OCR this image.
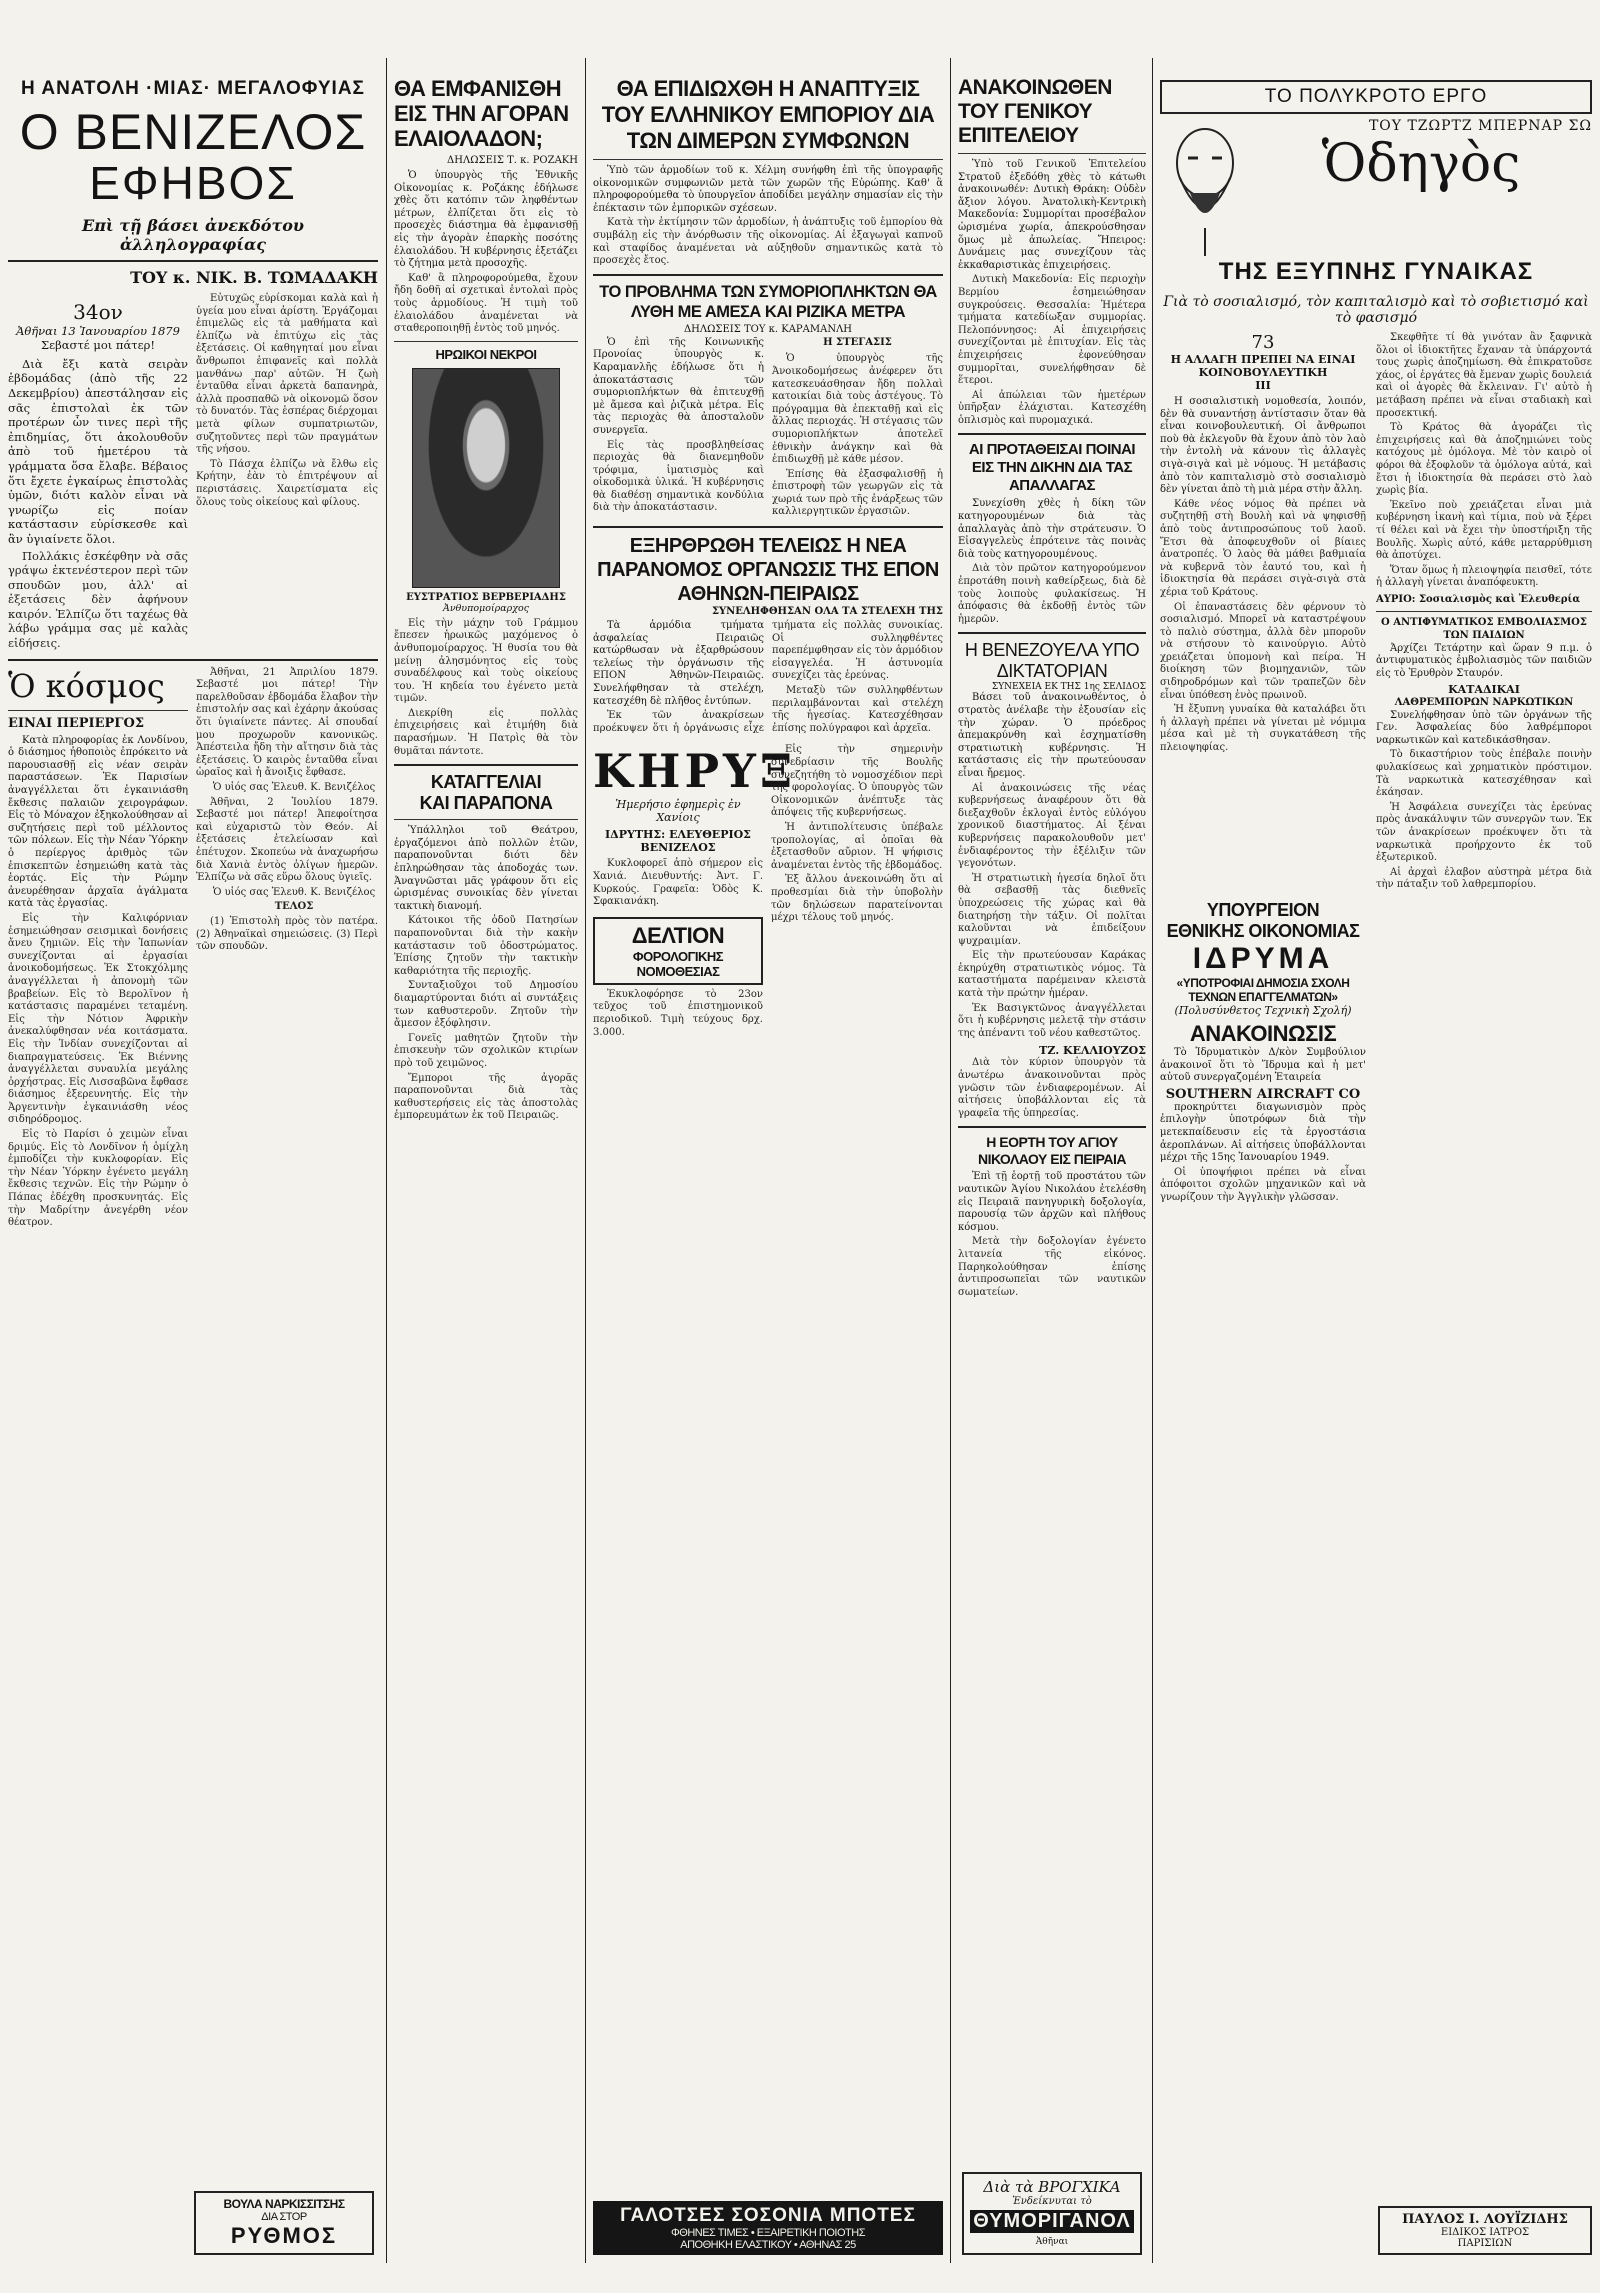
Η ΑΝΑΤΟΛΗ ·ΜΙΑΣ· ΜΕΓΑΛΟΦΥΙΑΣ
Ο ΒΕΝΙΖΕΛΟΣ
ΕΦΗΒΟΣ
Επὶ τῇ βάσει ἀνεκδότου ἀλληλογραφίας
ΤΟΥ κ. ΝΙΚ. Β. ΤΩΜΑΔΑΚΗ
34ον
Ἀθῆναι 13 Ἰανουαρίου 1879
Σεβαστέ μοι πάτερ!

Διὰ ἔξι κατὰ σειρὰν ἑβδομάδας (ἀπὸ τῆς 22 Δεκεμβρίου) ἀπεστάλησαν εἰς σᾶς ἐπιστολαὶ ἐκ τῶν προτέρων ὧν τινες περὶ τῆς ἐπιδημίας, ὅτι ἀκολουθοῦν ἀπὸ τοῦ ἡμετέρου τὰ γράμματα ὅσα ἔλαβε. Βέβαιος ὅτι ἔχετε ἐγκαίρως ἐπιστολὰς ὑμῶν, διότι καλὸν εἶναι νὰ γνωρίζω εἰς ποίαν κατάστασιν εὑρίσκεσθε καὶ ἂν ὑγιαίνετε ὅλοι.

Πολλάκις ἐσκέφθην νὰ σᾶς γράψω ἐκτενέστερον περὶ τῶν σπουδῶν μου, ἀλλ' αἱ ἐξετάσεις δὲν ἀφήνουν καιρόν. Ἐλπίζω ὅτι ταχέως θὰ λάβω γράμμα σας μὲ καλὰς εἰδήσεις.

Εὐτυχῶς εὑρίσκομαι καλὰ καὶ ἡ ὑγεία μου εἶναι ἀρίστη. Ἐργάζομαι ἐπιμελῶς εἰς τὰ μαθήματα καὶ ἐλπίζω νὰ ἐπιτύχω εἰς τὰς ἐξετάσεις. Οἱ καθηγηταί μου εἶναι ἄνθρωποι ἐπιφανεῖς καὶ πολλὰ μανθάνω παρ' αὐτῶν. Ἡ ζωὴ ἐνταῦθα εἶναι ἀρκετὰ δαπανηρὰ, ἀλλὰ προσπαθῶ νὰ οἰκονομῶ ὅσον τὸ δυνατόν. Τὰς ἑσπέρας διέρχομαι μετὰ φίλων συμπατριωτῶν, συζητοῦντες περὶ τῶν πραγμάτων τῆς νήσου.

Τὸ Πάσχα ἐλπίζω νὰ ἔλθω εἰς Κρήτην, ἐὰν τὸ ἐπιτρέψουν αἱ περιστάσεις. Χαιρετίσματα εἰς ὅλους τοὺς οἰκείους καὶ φίλους.

Ὁ κόσμος
ΕΙΝΑΙ ΠΕΡΙΕΡΓΟΣ

Κατὰ πληροφορίας ἐκ Λονδίνου, ὁ διάσημος ἠθοποιὸς ἐπρόκειτο νὰ παρουσιασθῇ εἰς νέαν σειρὰν παραστάσεων. Ἐκ Παρισίων ἀναγγέλλεται ὅτι ἐγκαινιάσθη ἔκθεσις παλαιῶν χειρογράφων. Εἰς τὸ Μόναχον ἐξηκολούθησαν αἱ συζητήσεις περὶ τοῦ μέλλοντος τῶν πόλεων. Εἰς τὴν Νέαν Ὑόρκην ὁ περίεργος ἀριθμὸς τῶν ἐπισκεπτῶν ἐσημειώθη κατὰ τὰς ἑορτάς. Εἰς τὴν Ρώμην ἀνευρέθησαν ἀρχαῖα ἀγάλματα κατὰ τὰς ἐργασίας.

Εἰς τὴν Καλιφόρνιαν ἐσημειώθησαν σεισμικαὶ δονήσεις ἄνευ ζημιῶν. Εἰς τὴν Ἰαπωνίαν συνεχίζονται αἱ ἐργασίαι ἀνοικοδομήσεως. Ἐκ Στοκχόλμης ἀναγγέλλεται ἡ ἀπονομὴ τῶν βραβείων. Εἰς τὸ Βερολῖνον ἡ κατάστασις παραμένει τεταμένη. Εἰς τὴν Νότιον Ἀφρικὴν ἀνεκαλύφθησαν νέα κοιτάσματα. Εἰς τὴν Ἰνδίαν συνεχίζονται αἱ διαπραγματεύσεις. Ἐκ Βιέννης ἀναγγέλλεται συναυλία μεγάλης ὀρχήστρας. Εἰς Λισσαβῶνα ἔφθασε διάσημος ἐξερευνητής. Εἰς τὴν Ἀργεντινὴν ἐγκαινιάσθη νέος σιδηρόδρομος.

Εἰς τὸ Παρίσι ὁ χειμὼν εἶναι δριμύς. Εἰς τὸ Λονδῖνον ἡ ὁμίχλη ἐμποδίζει τὴν κυκλοφορίαν. Εἰς τὴν Νέαν Ὑόρκην ἐγένετο μεγάλη ἔκθεσις τεχνῶν. Εἰς τὴν Ρώμην ὁ Πάπας ἐδέχθη προσκυνητάς. Εἰς τὴν Μαδρίτην ἀνεγέρθη νέον θέατρον.

Ἀθῆναι, 21 Ἀπριλίου 1879. Σεβαστέ μοι πάτερ! Τὴν παρελθοῦσαν ἑβδομάδα ἔλαβον τὴν ἐπιστολήν σας καὶ ἐχάρην ἀκούσας ὅτι ὑγιαίνετε πάντες. Αἱ σπουδαί μου προχωροῦν κανονικῶς. Ἀπέστειλα ἤδη τὴν αἴτησιν διὰ τὰς ἐξετάσεις. Ὁ καιρὸς ἐνταῦθα εἶναι ὡραῖος καὶ ἡ ἄνοιξις ἔφθασε.

Ὁ υἱός σας Ἐλευθ. Κ. Βενιζέλος

Ἀθῆναι, 2 Ἰουλίου 1879. Σεβαστέ μοι πάτερ! Ἀπεφοίτησα καὶ εὐχαριστῶ τὸν Θεόν. Αἱ ἐξετάσεις ἐτελείωσαν καὶ ἐπέτυχον. Σκοπεύω νὰ ἀναχωρήσω διὰ Χανιὰ ἐντὸς ὀλίγων ἡμερῶν. Ἐλπίζω νὰ σᾶς εὕρω ὅλους ὑγιεῖς.

Ὁ υἱός σας Ἐλευθ. Κ. Βενιζέλος

ΤΕΛΟΣ

(1) Ἐπιστολὴ πρὸς τὸν πατέρα. (2) Ἀθηναϊκαὶ σημειώσεις. (3) Περὶ τῶν σπουδῶν.

ΒΟΥΛΑ ΝΑΡΚΙΣΣΙΤΣΗΣ
ΔΙΑ ΣΤΟΡ
ΡΥΘΜΟΣ
ΘΑ ΕΜΦΑΝΙΣΘΗ ΕΙΣ ΤΗΝ ΑΓΟΡΑΝ ΕΛΑΙΟΛΑΔΟΝ;
ΔΗΛΩΣΕΙΣ Τ. κ. ΡΟΖΑΚΗ

Ὁ ὑπουργὸς τῆς Ἐθνικῆς Οἰκονομίας κ. Ροζάκης ἐδήλωσε χθὲς ὅτι κατόπιν τῶν ληφθέντων μέτρων, ἐλπίζεται ὅτι εἰς τὸ προσεχὲς διάστημα θὰ ἐμφανισθῇ εἰς τὴν ἀγορὰν ἐπαρκὴς ποσότης ἐλαιολάδου. Ἡ κυβέρνησις ἐξετάζει τὸ ζήτημα μετὰ προσοχῆς.

Καθ' ἃ πληροφορούμεθα, ἔχουν ἤδη δοθῆ αἱ σχετικαὶ ἐντολαὶ πρὸς τοὺς ἁρμοδίους. Ἡ τιμὴ τοῦ ἐλαιολάδου ἀναμένεται νὰ σταθεροποιηθῇ ἐντὸς τοῦ μηνός.

ΗΡΩΙΚΟΙ ΝΕΚΡΟΙ
ΕΥΣΤΡΑΤΙΟΣ ΒΕΡΒΕΡΙΑΔΗΣ
Ἀνθυπομοίραρχος

Εἰς τὴν μάχην τοῦ Γράμμου ἔπεσεν ἡρωικῶς μαχόμενος ὁ ἀνθυπομοίραρχος. Ἡ θυσία του θὰ μείνῃ ἀλησμόνητος εἰς τοὺς συναδέλφους καὶ τοὺς οἰκείους του. Ἡ κηδεία του ἐγένετο μετὰ τιμῶν.

Διεκρίθη εἰς πολλὰς ἐπιχειρήσεις καὶ ἐτιμήθη διὰ παρασήμων. Ἡ Πατρὶς θὰ τὸν θυμᾶται πάντοτε.

ΚΑΤΑΓΓΕΛΙΑΙ
ΚΑΙ ΠΑΡΑΠΟΝΑ

Ὑπάλληλοι τοῦ Θεάτρου, ἐργαζόμενοι ἀπὸ πολλῶν ἐτῶν, παραπονοῦνται διότι δὲν ἐπληρώθησαν τὰς ἀποδοχάς των. Ἀναγνῶσται μᾶς γράφουν ὅτι εἰς ὡρισμένας συνοικίας δὲν γίνεται τακτικὴ διανομή.

Κάτοικοι τῆς ὁδοῦ Πατησίων παραπονοῦνται διὰ τὴν κακὴν κατάστασιν τοῦ ὁδοστρώματος. Ἐπίσης ζητοῦν τὴν τακτικὴν καθαριότητα τῆς περιοχῆς.

Συνταξιοῦχοι τοῦ Δημοσίου διαμαρτύρονται διότι αἱ συντάξεις των καθυστεροῦν. Ζητοῦν τὴν ἄμεσον ἐξόφλησιν.

Γονεῖς μαθητῶν ζητοῦν τὴν ἐπισκευὴν τῶν σχολικῶν κτιρίων πρὸ τοῦ χειμῶνος.

Ἔμποροι τῆς ἀγορᾶς παραπονοῦνται διὰ τὰς καθυστερήσεις εἰς τὰς ἀποστολὰς ἐμπορευμάτων ἐκ τοῦ Πειραιῶς.

ΘΑ ΕΠΙΔΙΩΧΘΗ Η ΑΝΑΠΤΥΞΙΣ ΤΟΥ ΕΛΛΗΝΙΚΟΥ ΕΜΠΟΡΙΟΥ ΔΙΑ ΤΩΝ ΔΙΜΕΡΩΝ ΣΥΜΦΩΝΩΝ

Ὑπὸ τῶν ἁρμοδίων τοῦ κ. Χέλμη συνήφθη ἐπὶ τῆς ὑπογραφῆς οἰκονομικῶν συμφωνιῶν μετὰ τῶν χωρῶν τῆς Εὐρώπης. Καθ' ἃ πληροφορούμεθα τὸ ὑπουργεῖον ἀποδίδει μεγάλην σημασίαν εἰς τὴν ἐπέκτασιν τῶν ἐμπορικῶν σχέσεων.

Κατὰ τὴν ἐκτίμησιν τῶν ἁρμοδίων, ἡ ἀνάπτυξις τοῦ ἐμπορίου θὰ συμβάλῃ εἰς τὴν ἀνόρθωσιν τῆς οἰκονομίας. Αἱ ἐξαγωγαὶ καπνοῦ καὶ σταφίδος ἀναμένεται νὰ αὐξηθοῦν σημαντικῶς κατὰ τὸ προσεχὲς ἔτος.

ΤΟ ΠΡΟΒΛΗΜΑ ΤΩΝ ΣΥΜΟΡΙΟΠΛΗΚΤΩΝ ΘΑ ΛΥΘΗ ΜΕ ΑΜΕΣΑ ΚΑΙ ΡΙΖΙΚΑ ΜΕΤΡΑ
ΔΗΛΩΣΕΙΣ ΤΟΥ κ. ΚΑΡΑΜΑΝΛΗ

Ὁ ἐπὶ τῆς Κοινωνικῆς Προνοίας ὑπουργὸς κ. Καραμανλῆς ἐδήλωσε ὅτι ἡ ἀποκατάστασις τῶν συμοριοπλήκτων θὰ ἐπιτευχθῇ μὲ ἄμεσα καὶ ῥιζικὰ μέτρα. Εἰς τὰς περιοχὰς θὰ ἀποσταλοῦν συνεργεῖα.

Εἰς τὰς προσβληθείσας περιοχὰς θὰ διανεμηθοῦν τρόφιμα, ἱματισμὸς καὶ οἰκοδομικὰ ὑλικά. Ἡ κυβέρνησις θὰ διαθέσῃ σημαντικὰ κονδύλια διὰ τὴν ἀποκατάστασιν.

Η ΣΤΕΓΑΣΙΣ

Ὁ ὑπουργὸς τῆς Ἀνοικοδομήσεως ἀνέφερεν ὅτι κατεσκευάσθησαν ἤδη πολλαὶ κατοικίαι διὰ τοὺς ἀστέγους. Τὸ πρόγραμμα θὰ ἐπεκταθῇ καὶ εἰς ἄλλας περιοχάς. Ἡ στέγασις τῶν συμοριοπλήκτων ἀποτελεῖ ἐθνικὴν ἀνάγκην καὶ θὰ ἐπιδιωχθῇ μὲ κάθε μέσον.

Ἐπίσης θὰ ἐξασφαλισθῇ ἡ ἐπιστροφὴ τῶν γεωργῶν εἰς τὰ χωριά των πρὸ τῆς ἐνάρξεως τῶν καλλιεργητικῶν ἐργασιῶν.

ΕΞΗΡΘΡΩΘΗ ΤΕΛΕΙΩΣ Η ΝΕΑ ΠΑΡΑΝΟΜΟΣ ΟΡΓΑΝΩΣΙΣ ΤΗΣ ΕΠΟΝ ΑΘΗΝΩΝ-ΠΕΙΡΑΙΩΣ
ΣΥΝΕΛΗΦΘΗΣΑΝ ΟΛΑ ΤΑ ΣΤΕΛΕΧΗ ΤΗΣ

Τὰ ἁρμόδια τμήματα ἀσφαλείας Πειραιῶς κατώρθωσαν νὰ ἐξαρθρώσουν τελείως τὴν ὀργάνωσιν τῆς ΕΠΟΝ Ἀθηνῶν-Πειραιῶς. Συνελήφθησαν τὰ στελέχη, κατεσχέθη δὲ πλῆθος ἐντύπων.

Ἐκ τῶν ἀνακρίσεων προέκυψεν ὅτι ἡ ὀργάνωσις εἶχε τμήματα εἰς πολλὰς συνοικίας. Οἱ συλληφθέντες παρεπέμφθησαν εἰς τὸν ἁρμόδιον εἰσαγγελέα. Ἡ ἀστυνομία συνεχίζει τὰς ἐρεύνας.

Μεταξὺ τῶν συλληφθέντων περιλαμβάνονται καὶ στελέχη τῆς ἡγεσίας. Κατεσχέθησαν ἐπίσης πολύγραφοι καὶ ἀρχεῖα.

ΚΗΡΥΞ
Ἡμερήσιο ἐφημερὶς ἐν Χανίοις
ΙΔΡΥΤΗΣ: ΕΛΕΥΘΕΡΙΟΣ ΒΕΝΙΖΕΛΟΣ

Κυκλοφορεῖ ἀπὸ σήμερον εἰς Χανιά. Διευθυντής: Ἀντ. Γ. Κυρκούς. Γραφεῖα: Ὁδὸς Κ. Σφακιανάκη.

ΔΕΛΤΙΟΝ
ΦΟΡΟΛΟΓΙΚΗΣ ΝΟΜΟΘΕΣΙΑΣ

Ἐκυκλοφόρησε τὸ 23ον τεῦχος τοῦ ἐπιστημονικοῦ περιοδικοῦ. Τιμὴ τεύχους δρχ. 3.000.

Εἰς τὴν σημερινὴν συνεδρίασιν τῆς Βουλῆς συνεζητήθη τὸ νομοσχέδιον περὶ τῆς φορολογίας. Ὁ ὑπουργὸς τῶν Οἰκονομικῶν ἀνέπτυξε τὰς ἀπόψεις τῆς κυβερνήσεως.

Ἡ ἀντιπολίτευσις ὑπέβαλε τροπολογίας, αἱ ὁποῖαι θὰ ἐξετασθοῦν αὔριον. Ἡ ψήφισις ἀναμένεται ἐντὸς τῆς ἑβδομάδος.

Ἐξ ἄλλου ἀνεκοινώθη ὅτι αἱ προθεσμίαι διὰ τὴν ὑποβολὴν τῶν δηλώσεων παρατείνονται μέχρι τέλους τοῦ μηνός.

ΓΑΛΟΤΣΕΣ ΣΟΣΟΝΙΑ ΜΠΟΤΕΣ
ΦΘΗΝΕΣ ΤΙΜΕΣ • ΕΞΑΙΡΕΤΙΚΗ ΠΟΙΟΤΗΣ
ΑΠΟΘΗΚΗ ΕΛΑΣΤΙΚΟΥ • ΑΘΗΝΑΣ 25
ΑΝΑΚΟΙΝΩΘΕΝ ΤΟΥ ΓΕΝΙΚΟΥ ΕΠΙΤΕΛΕΙΟΥ

Ὑπὸ τοῦ Γενικοῦ Ἐπιτελείου Στρατοῦ ἐξεδόθη χθὲς τὸ κάτωθι ἀνακοινωθέν: Δυτικὴ Θράκη: Οὐδὲν ἄξιον λόγου. Ἀνατολικὴ-Κεντρικὴ Μακεδονία: Συμμορίται προσέβαλον ὡρισμένα χωρία, ἀπεκρούσθησαν ὅμως μὲ ἀπωλείας. Ἤπειρος: Δυνάμεις μας συνεχίζουν τὰς ἐκκαθαριστικὰς ἐπιχειρήσεις.

Δυτικὴ Μακεδονία: Εἰς περιοχὴν Βερμίου ἐσημειώθησαν συγκρούσεις. Θεσσαλία: Ἡμέτερα τμήματα κατεδίωξαν συμμορίας. Πελοπόννησος: Αἱ ἐπιχειρήσεις συνεχίζονται μὲ ἐπιτυχίαν. Εἰς τὰς ἐπιχειρήσεις ἐφονεύθησαν συμμορῖται, συνελήφθησαν δὲ ἕτεροι.

Αἱ ἀπώλειαι τῶν ἡμετέρων ὑπῆρξαν ἐλάχισται. Κατεσχέθη ὁπλισμὸς καὶ πυρομαχικά.

ΑΙ ΠΡΟΤΑΘΕΙΣΑΙ ΠΟΙΝΑΙ ΕΙΣ ΤΗΝ ΔΙΚΗΝ ΔΙΑ ΤΑΣ ΑΠΑΛΛΑΓΑΣ

Συνεχίσθη χθὲς ἡ δίκη τῶν κατηγορουμένων διὰ τὰς ἀπαλλαγὰς ἀπὸ τὴν στράτευσιν. Ὁ Εἰσαγγελεὺς ἐπρότεινε τὰς ποινὰς διὰ τοὺς κατηγορουμένους.

Διὰ τὸν πρῶτον κατηγορούμενον ἐπροτάθη ποινὴ καθείρξεως, διὰ δὲ τοὺς λοιποὺς φυλακίσεως. Ἡ ἀπόφασις θὰ ἐκδοθῇ ἐντὸς τῶν ἡμερῶν.

Η ΒΕΝΕΖΟΥΕΛΑ ΥΠΟ ΔΙΚΤΑΤΟΡΙΑΝ
ΣΥΝΕΧΕΙΑ ΕΚ ΤΗΣ 1ης ΣΕΛΙΔΟΣ

Βάσει τοῦ ἀνακοινωθέντος, ὁ στρατὸς ἀνέλαβε τὴν ἐξουσίαν εἰς τὴν χώραν. Ὁ πρόεδρος ἀπεμακρύνθη καὶ ἐσχηματίσθη στρατιωτικὴ κυβέρνησις. Ἡ κατάστασις εἰς τὴν πρωτεύουσαν εἶναι ἤρεμος.

Αἱ ἀνακοινώσεις τῆς νέας κυβερνήσεως ἀναφέρουν ὅτι θὰ διεξαχθοῦν ἐκλογαὶ ἐντὸς εὐλόγου χρονικοῦ διαστήματος. Αἱ ξέναι κυβερνήσεις παρακολουθοῦν μετ' ἐνδιαφέροντος τὴν ἐξέλιξιν τῶν γεγονότων.

Ἡ στρατιωτικὴ ἡγεσία δηλοῖ ὅτι θὰ σεβασθῇ τὰς διεθνεῖς ὑποχρεώσεις τῆς χώρας καὶ θὰ διατηρήσῃ τὴν τάξιν. Οἱ πολῖται καλοῦνται νὰ ἐπιδείξουν ψυχραιμίαν.

Εἰς τὴν πρωτεύουσαν Καράκας ἐκηρύχθη στρατιωτικὸς νόμος. Τὰ καταστήματα παρέμειναν κλειστὰ κατὰ τὴν πρώτην ἡμέραν.

Ἐκ Βασιγκτῶνος ἀναγγέλλεται ὅτι ἡ κυβέρνησις μελετᾷ τὴν στάσιν της ἀπέναντι τοῦ νέου καθεστῶτος.

ΤΖ. ΚΕΛΛΙΟΥΖΟΣ

Διὰ τὸν κύριον ὑπουργὸν τὰ ἀνωτέρω ἀνακοινοῦνται πρὸς γνῶσιν τῶν ἐνδιαφερομένων. Αἱ αἰτήσεις ὑποβάλλονται εἰς τὰ γραφεῖα τῆς ὑπηρεσίας.

Η ΕΟΡΤΗ ΤΟΥ ΑΓΙΟΥ ΝΙΚΟΛΑΟΥ ΕΙΣ ΠΕΙΡΑΙΑ

Ἐπὶ τῇ ἑορτῇ τοῦ προστάτου τῶν ναυτικῶν Ἁγίου Νικολάου ἐτελέσθη εἰς Πειραιᾶ πανηγυρικὴ δοξολογία, παρουσίᾳ τῶν ἀρχῶν καὶ πλήθους κόσμου.

Μετὰ τὴν δοξολογίαν ἐγένετο λιτανεία τῆς εἰκόνος. Παρηκολούθησαν ἐπίσης ἀντιπροσωπεῖαι τῶν ναυτικῶν σωματείων.

Διὰ τὰ ΒΡΟΓΧΙΚΑ
Ἐνδείκνυται τὸ
ΘΥΜΟΡΙΓΑΝΟΛ
Ἀθῆναι
ΤΟ ΠΟΛΥΚΡΟΤΟ ΕΡΓΟ
ΤΟΥ ΤΖΩΡΤΖ ΜΠΕΡΝΑΡ ΣΩ
Ὁδηγὸς
ΤΗΣ ΕΞΥΠΝΗΣ ΓΥΝΑΙΚΑΣ
Γιὰ τὸ σοσιαλισμό, τὸν καπιταλισμὸ καὶ τὸ σοβιετισμό καὶ τὸ φασισμό
73
Η ΑΛΛΑΓΗ ΠΡΕΠΕΙ ΝΑ ΕΙΝΑΙ ΚΟΙΝΟΒΟΥΛΕΥΤΙΚΗ
ΙΙΙ

Η σοσιαλιστικὴ νομοθεσία, λοιπόν, δὲν θὰ συναντήσῃ ἀντίστασιν ὅταν θὰ εἶναι κοινοβουλευτική. Οἱ ἄνθρωποι ποὺ θὰ ἐκλεγοῦν θὰ ἔχουν ἀπὸ τὸν λαὸ τὴν ἐντολὴ νὰ κάνουν τὶς ἀλλαγὲς σιγὰ-σιγὰ καὶ μὲ νόμους. Ἡ μετάβασις ἀπὸ τὸν καπιταλισμὸ στὸ σοσιαλισμὸ δὲν γίνεται ἀπὸ τὴ μιὰ μέρα στὴν ἄλλη.

Κάθε νέος νόμος θὰ πρέπει νὰ συζητηθῇ στὴ Βουλὴ καὶ νὰ ψηφισθῇ ἀπὸ τοὺς ἀντιπροσώπους τοῦ λαοῦ. Ἔτσι θὰ ἀποφευχθοῦν οἱ βίαιες ἀνατροπές. Ὁ λαὸς θὰ μάθει βαθμιαία νὰ κυβερνᾶ τὸν ἑαυτό του, καὶ ἡ ἰδιοκτησία θὰ περάσει σιγὰ-σιγὰ στὰ χέρια τοῦ Κράτους.

Οἱ ἐπαναστάσεις δὲν φέρνουν τὸ σοσιαλισμό. Μπορεῖ νὰ καταστρέψουν τὸ παλιὸ σύστημα, ἀλλὰ δὲν μποροῦν νὰ στήσουν τὸ καινούργιο. Αὐτὸ χρειάζεται ὑπομονὴ καὶ πείρα. Ἡ διοίκηση τῶν βιομηχανιῶν, τῶν σιδηροδρόμων καὶ τῶν τραπεζῶν δὲν εἶναι ὑπόθεση ἑνὸς πρωινοῦ.

Ἡ ἔξυπνη γυναίκα θὰ καταλάβει ὅτι ἡ ἀλλαγὴ πρέπει νὰ γίνεται μὲ νόμιμα μέσα καὶ μὲ τὴ συγκατάθεση τῆς πλειοψηφίας.

Σκεφθῆτε τί θὰ γινόταν ἂν ξαφνικὰ ὅλοι οἱ ἰδιοκτῆτες ἔχαναν τὰ ὑπάρχοντά τους χωρὶς ἀποζημίωση. Θὰ ἐπικρατοῦσε χάος, οἱ ἐργάτες θὰ ἔμεναν χωρὶς δουλειά καὶ οἱ ἀγορὲς θὰ ἔκλειναν. Γι' αὐτὸ ἡ μετάβαση πρέπει νὰ εἶναι σταδιακὴ καὶ προσεκτική.

Τὸ Κράτος θὰ ἀγοράζει τὶς ἐπιχειρήσεις καὶ θὰ ἀποζημιώνει τοὺς κατόχους μὲ ὁμόλογα. Μὲ τὸν καιρὸ οἱ φόροι θὰ ἐξοφλοῦν τὰ ὁμόλογα αὐτά, καὶ ἔτσι ἡ ἰδιοκτησία θὰ περάσει στὸ λαὸ χωρὶς βία.

Ἐκεῖνο ποὺ χρειάζεται εἶναι μιὰ κυβέρνηση ἱκανὴ καὶ τίμια, ποὺ νὰ ξέρει τί θέλει καὶ νὰ ἔχει τὴν ὑποστήριξη τῆς Βουλῆς. Χωρὶς αὐτό, κάθε μεταρρύθμιση θὰ ἀποτύχει.

Ὅταν ὅμως ἡ πλειοψηφία πεισθεῖ, τότε ἡ ἀλλαγὴ γίνεται ἀναπόφευκτη.

ΑΥΡΙΟ: Σοσιαλισμὸς καὶ Ἐλευθερία
Ο ΑΝΤΙΦΥΜΑΤΙΚΟΣ ΕΜΒΟΛΙΑΣΜΟΣ ΤΩΝ ΠΑΙΔΙΩΝ

Ἀρχίζει Τετάρτην καὶ ὥραν 9 π.μ. ὁ ἀντιφυματικὸς ἐμβολιασμὸς τῶν παιδιῶν εἰς τὸ Ἐρυθρὸν Σταυρόν.

ΚΑΤΑΔΙΚΑΙ
ΛΑΘΡΕΜΠΟΡΩΝ ΝΑΡΚΩΤΙΚΩΝ

Συνελήφθησαν ὑπὸ τῶν ὀργάνων τῆς Γεν. Ἀσφαλείας δύο λαθρέμποροι ναρκωτικῶν καὶ κατεδικάσθησαν.

Τὸ δικαστήριον τοὺς ἐπέβαλε ποινὴν φυλακίσεως καὶ χρηματικὸν πρόστιμον. Τὰ ναρκωτικὰ κατεσχέθησαν καὶ ἐκάησαν.

Ἡ Ἀσφάλεια συνεχίζει τὰς ἐρεύνας πρὸς ἀνακάλυψιν τῶν συνεργῶν των. Ἐκ τῶν ἀνακρίσεων προέκυψεν ὅτι τὰ ναρκωτικὰ προήρχοντο ἐκ τοῦ ἐξωτερικοῦ.

Αἱ ἀρχαὶ ἐλαβον αὐστηρὰ μέτρα διὰ τὴν πάταξιν τοῦ λαθρεμπορίου.

ΥΠΟΥΡΓΕΙΟΝ
ΕΘΝΙΚΗΣ ΟΙΚΟΝΟΜΙΑΣ
ΙΔΡΥΜΑ
«ΥΠΟΤΡΟΦΙΑΙ ΔΗΜΟΣΙΑ ΣΧΟΛΗ ΤΕΧΝΩΝ ΕΠΑΓΓΕΛΜΑΤΩΝ»
(Πολυσύνθετος Τεχνικὴ Σχολή)
ΑΝΑΚΟΙΝΩΣΙΣ

Τὸ Ἰδρυματικὸν Δ/κὸν Συμβούλιον ἀνακοινοῖ ὅτι τὸ Ἵδρυμα καὶ ἡ μετ' αὐτοῦ συνεργαζομένη Ἑταιρεία

SOUTHERN AIRCRAFT CO

προκηρύττει διαγωνισμὸν πρὸς ἐπιλογὴν ὑποτρόφων διὰ τὴν μετεκπαίδευσιν εἰς τὰ ἐργοστάσια ἀεροπλάνων. Αἱ αἰτήσεις ὑποβάλλονται μέχρι τῆς 15ης Ἰανουαρίου 1949.

Οἱ ὑποψήφιοι πρέπει νὰ εἶναι ἀπόφοιτοι σχολῶν μηχανικῶν καὶ νὰ γνωρίζουν τὴν Ἀγγλικὴν γλῶσσαν.

ΠΑΥΛΟΣ Ι. ΛΟΥΪΖΙΔΗΣ
ΕΙΔΙΚΟΣ ΙΑΤΡΟΣ
ΠΑΡΙΣΙΩΝ
